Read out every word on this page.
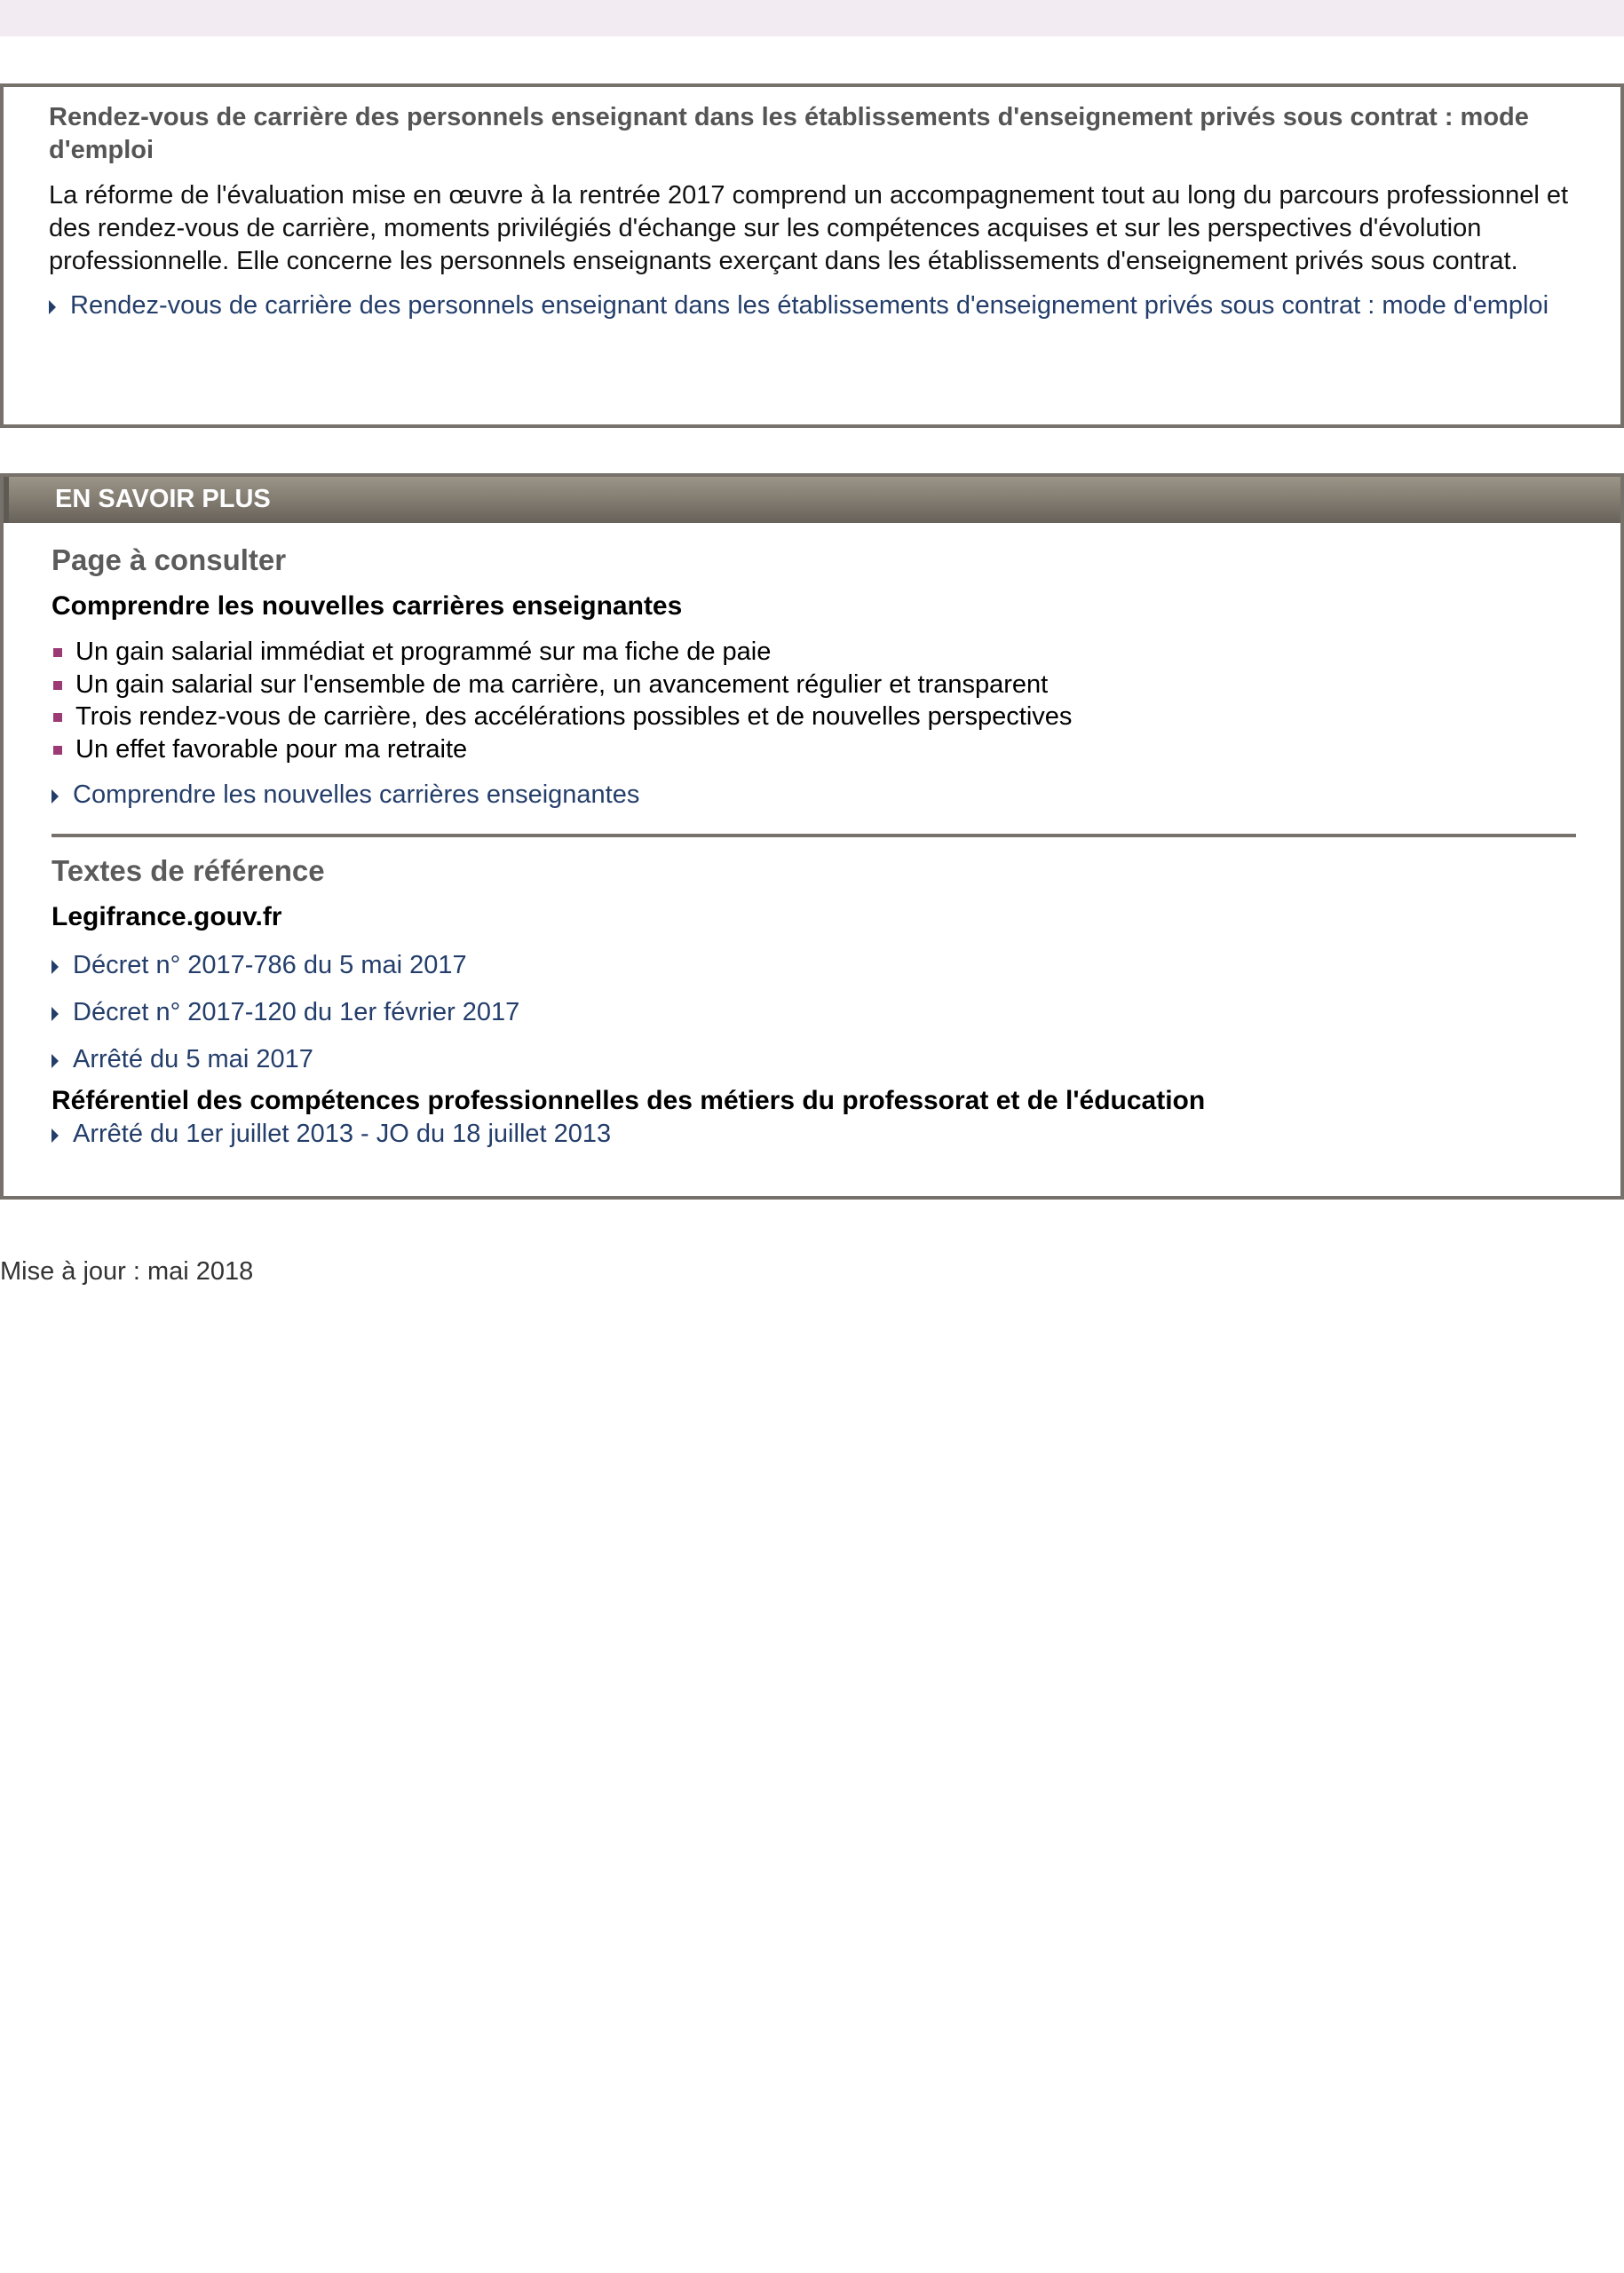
Rendez-vous de carrière des personnels enseignant dans les établissements d'enseignement privés sous contrat : mode d'emploi

La réforme de l'évaluation mise en œuvre à la rentrée 2017 comprend un accompagnement tout au long du parcours professionnel et des rendez-vous de carrière, moments privilégiés d'échange sur les compétences acquises et sur les perspectives d'évolution professionnelle. Elle concerne les personnels enseignants exerçant dans les établissements d'enseignement privés sous contrat.

Rendez-vous de carrière des personnels enseignant dans les établissements d'enseignement privés sous contrat : mode d'emploi
EN SAVOIR PLUS
Page à consulter
Comprendre les nouvelles carrières enseignantes
Un gain salarial immédiat et programmé sur ma fiche de paie
Un gain salarial sur l'ensemble de ma carrière, un avancement régulier et transparent
Trois rendez-vous de carrière, des accélérations possibles et de nouvelles perspectives
Un effet favorable pour ma retraite
Comprendre les nouvelles carrières enseignantes
Textes de référence
Legifrance.gouv.fr
Décret n° 2017-786 du 5 mai 2017
Décret n° 2017-120 du 1er février 2017
Arrêté du 5 mai 2017
Référentiel des compétences professionnelles des métiers du professorat et de l'éducation
Arrêté du 1er juillet 2013 - JO du 18 juillet 2013
Mise à jour : mai 2018
